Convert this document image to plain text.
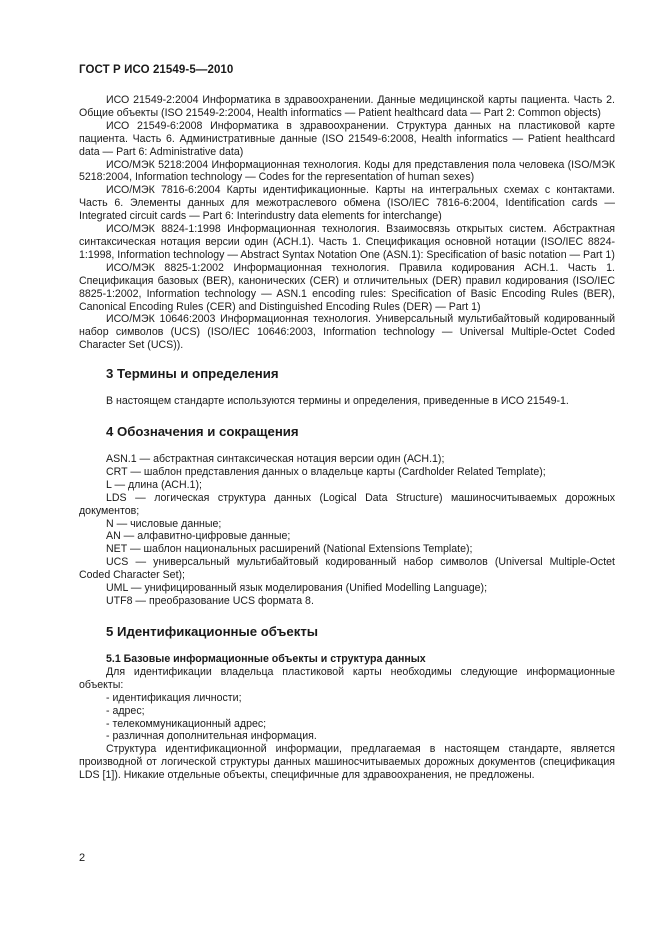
ГОСТ Р ИСО 21549-5—2010

ИСО 21549-2:2004 Информатика в здравоохранении. Данные медицинской карты пациента. Часть 2. Общие объекты (ISO 21549-2:2004, Health informatics — Patient healthcard data — Part 2: Common objects)

ИСО 21549-6:2008 Информатика в здравоохранении. Структура данных на пластиковой карте пациента. Часть 6. Административные данные (ISO 21549-6:2008, Health informatics — Patient healthcard data — Part 6: Administrative data)

ИСО/МЭК 5218:2004 Информационная технология. Коды для представления пола человека (ISO/МЭК 5218:2004, Information technology — Codes for the representation of human sexes)

ИСО/МЭК 7816-6:2004 Карты идентификационные. Карты на интегральных схемах с контактами. Часть 6. Элементы данных для межотраслевого обмена (ISO/IEC 7816-6:2004, Identification cards — Integrated circuit cards — Part 6: Interindustry data elements for interchange)

ИСО/МЭК 8824-1:1998 Информационная технология. Взаимосвязь открытых систем. Абстрактная синтаксическая нотация версии один (АСН.1). Часть 1. Спецификация основной нотации (ISO/IEC 8824-1:1998, Information technology — Abstract Syntax Notation One (ASN.1): Specification of basic notation — Part 1)

ИСО/МЭК 8825-1:2002 Информационная технология. Правила кодирования АСН.1. Часть 1. Спецификация базовых (BER), канонических (CER) и отличительных (DER) правил кодирования (ISO/IEC 8825-1:2002, Information technology — ASN.1 encoding rules: Specification of Basic Encoding Rules (BER), Canonical Encoding Rules (CER) and Distinguished Encoding Rules (DER) — Part 1)

ИСО/МЭК 10646:2003 Информационная технология. Универсальный мультибайтовый кодированный набор символов (UCS) (ISO/IEC 10646:2003, Information technology — Universal Multiple-Octet Coded Character Set (UCS)).

3 Термины и определения

В настоящем стандарте используются термины и определения, приведенные в ИСО 21549-1.

4 Обозначения и сокращения

ASN.1 — абстрактная синтаксическая нотация версии один (АСН.1);

CRT — шаблон представления данных о владельце карты (Cardholder Related Template);

L — длина (АСН.1);

LDS — логическая структура данных (Logical Data Structure) машиносчитываемых дорожных документов;

N — числовые данные;

AN — алфавитно-цифровые данные;

NET — шаблон национальных расширений (National Extensions Template);

UCS — универсальный мультибайтовый кодированный набор символов (Universal Multiple-Octet Coded Character Set);

UML — унифицированный язык моделирования (Unified Modelling Language);

UTF8 — преобразование UCS формата 8.

5 Идентификационные объекты
5.1 Базовые информационные объекты и структура данных

Для идентификации владельца пластиковой карты необходимы следующие информационные объекты:

- идентификация личности;

- адрес;

- телекоммуникационный адрес;

- различная дополнительная информация.

Структура идентификационной информации, предлагаемая в настоящем стандарте, является производной от логической структуры данных машиносчитываемых дорожных документов (спецификация LDS [1]). Никакие отдельные объекты, специфичные для здравоохранения, не предложены.

2
